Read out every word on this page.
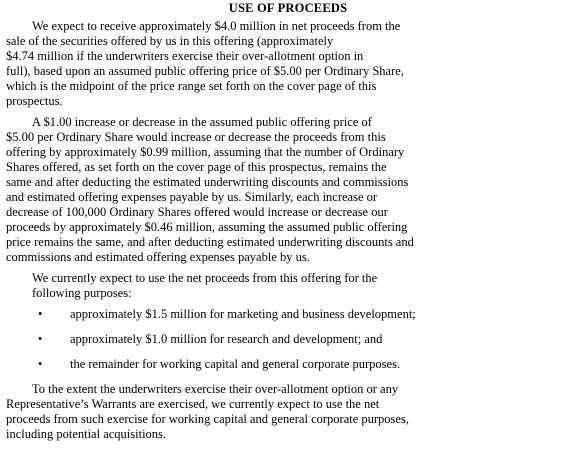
USE OF PROCEEDS
We expect to receive approximately $4.0 million in net proceeds from the
sale of the securities offered by us in this offering (approximately
$4.74 million if the underwriters exercise their over-allotment option in
full), based upon an assumed public offering price of $5.00 per Ordinary Share,
which is the midpoint of the price range set forth on the cover page of this
prospectus.
A $1.00 increase or decrease in the assumed public offering price of
$5.00 per Ordinary Share would increase or decrease the proceeds from this
offering by approximately $0.99 million, assuming that the number of Ordinary
Shares offered, as set forth on the cover page of this prospectus, remains the
same and after deducting the estimated underwriting discounts and commissions
and estimated offering expenses payable by us. Similarly, each increase or
decrease of 100,000 Ordinary Shares offered would increase or decrease our
proceeds by approximately $0.46 million, assuming the assumed public offering
price remains the same, and after deducting estimated underwriting discounts and
commissions and estimated offering expenses payable by us.
We currently expect to use the net proceeds from this offering for the
following purposes:
• approximately $1.5 million for marketing and business development;
• approximately $1.0 million for research and development; and
• the remainder for working capital and general corporate purposes.
To the extent the underwriters exercise their over-allotment option or any
Representative’s Warrants are exercised, we currently expect to use the net
proceeds from such exercise for working capital and general corporate purposes,
including potential acquisitions.
